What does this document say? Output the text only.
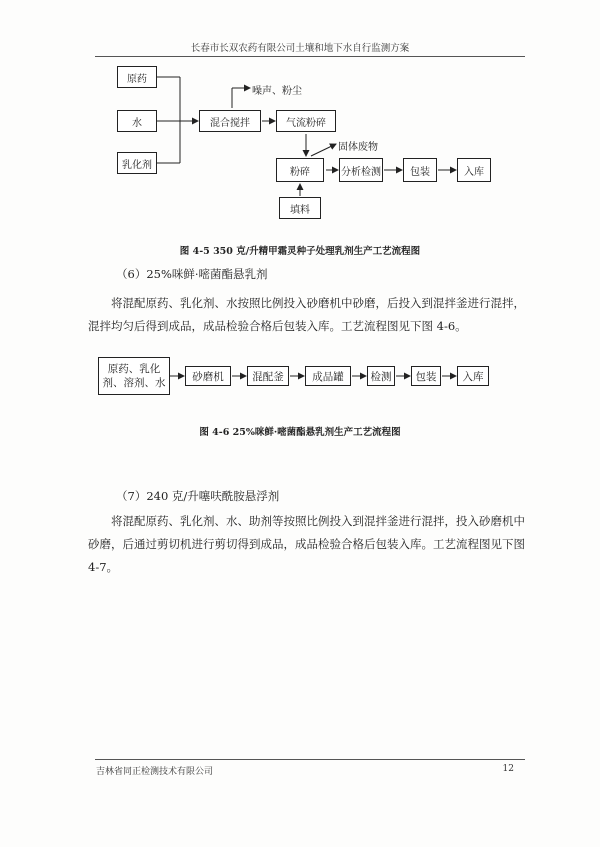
长春市长双农药有限公司土壤和地下水自行监测方案
原药
水
乳化剂
混合搅拌	气流粉碎
噪声、粉尘
固体废物
粉碎	分析检测	包装	入库
填料
图 4-5 350 克/升精甲霜灵种子处理乳剂生产工艺流程图
（6）25%咪鲜·嘧菌酯悬乳剂
将混配原药、乳化剂、水按照比例投入砂磨机中砂磨，后投入到混拌釜进行混拌，混拌均匀后得到成品，成品检验合格后包装入库。工艺流程图见下图 4-6。
原药、乳化
剂、溶剂、水
砂磨机	混配釜	成品罐	检测	包装	入库
图 4-6 25%咪鲜·嘧菌酯悬乳剂生产工艺流程图
（7）240 克/升噻呋酰胺悬浮剂
将混配原药、乳化剂、水、助剂等按照比例投入到混拌釜进行混拌，投入砂磨机中砂磨，后通过剪切机进行剪切得到成品，成品检验合格后包装入库。工艺流程图见下图 4-7。
吉林省同正检测技术有限公司	12
